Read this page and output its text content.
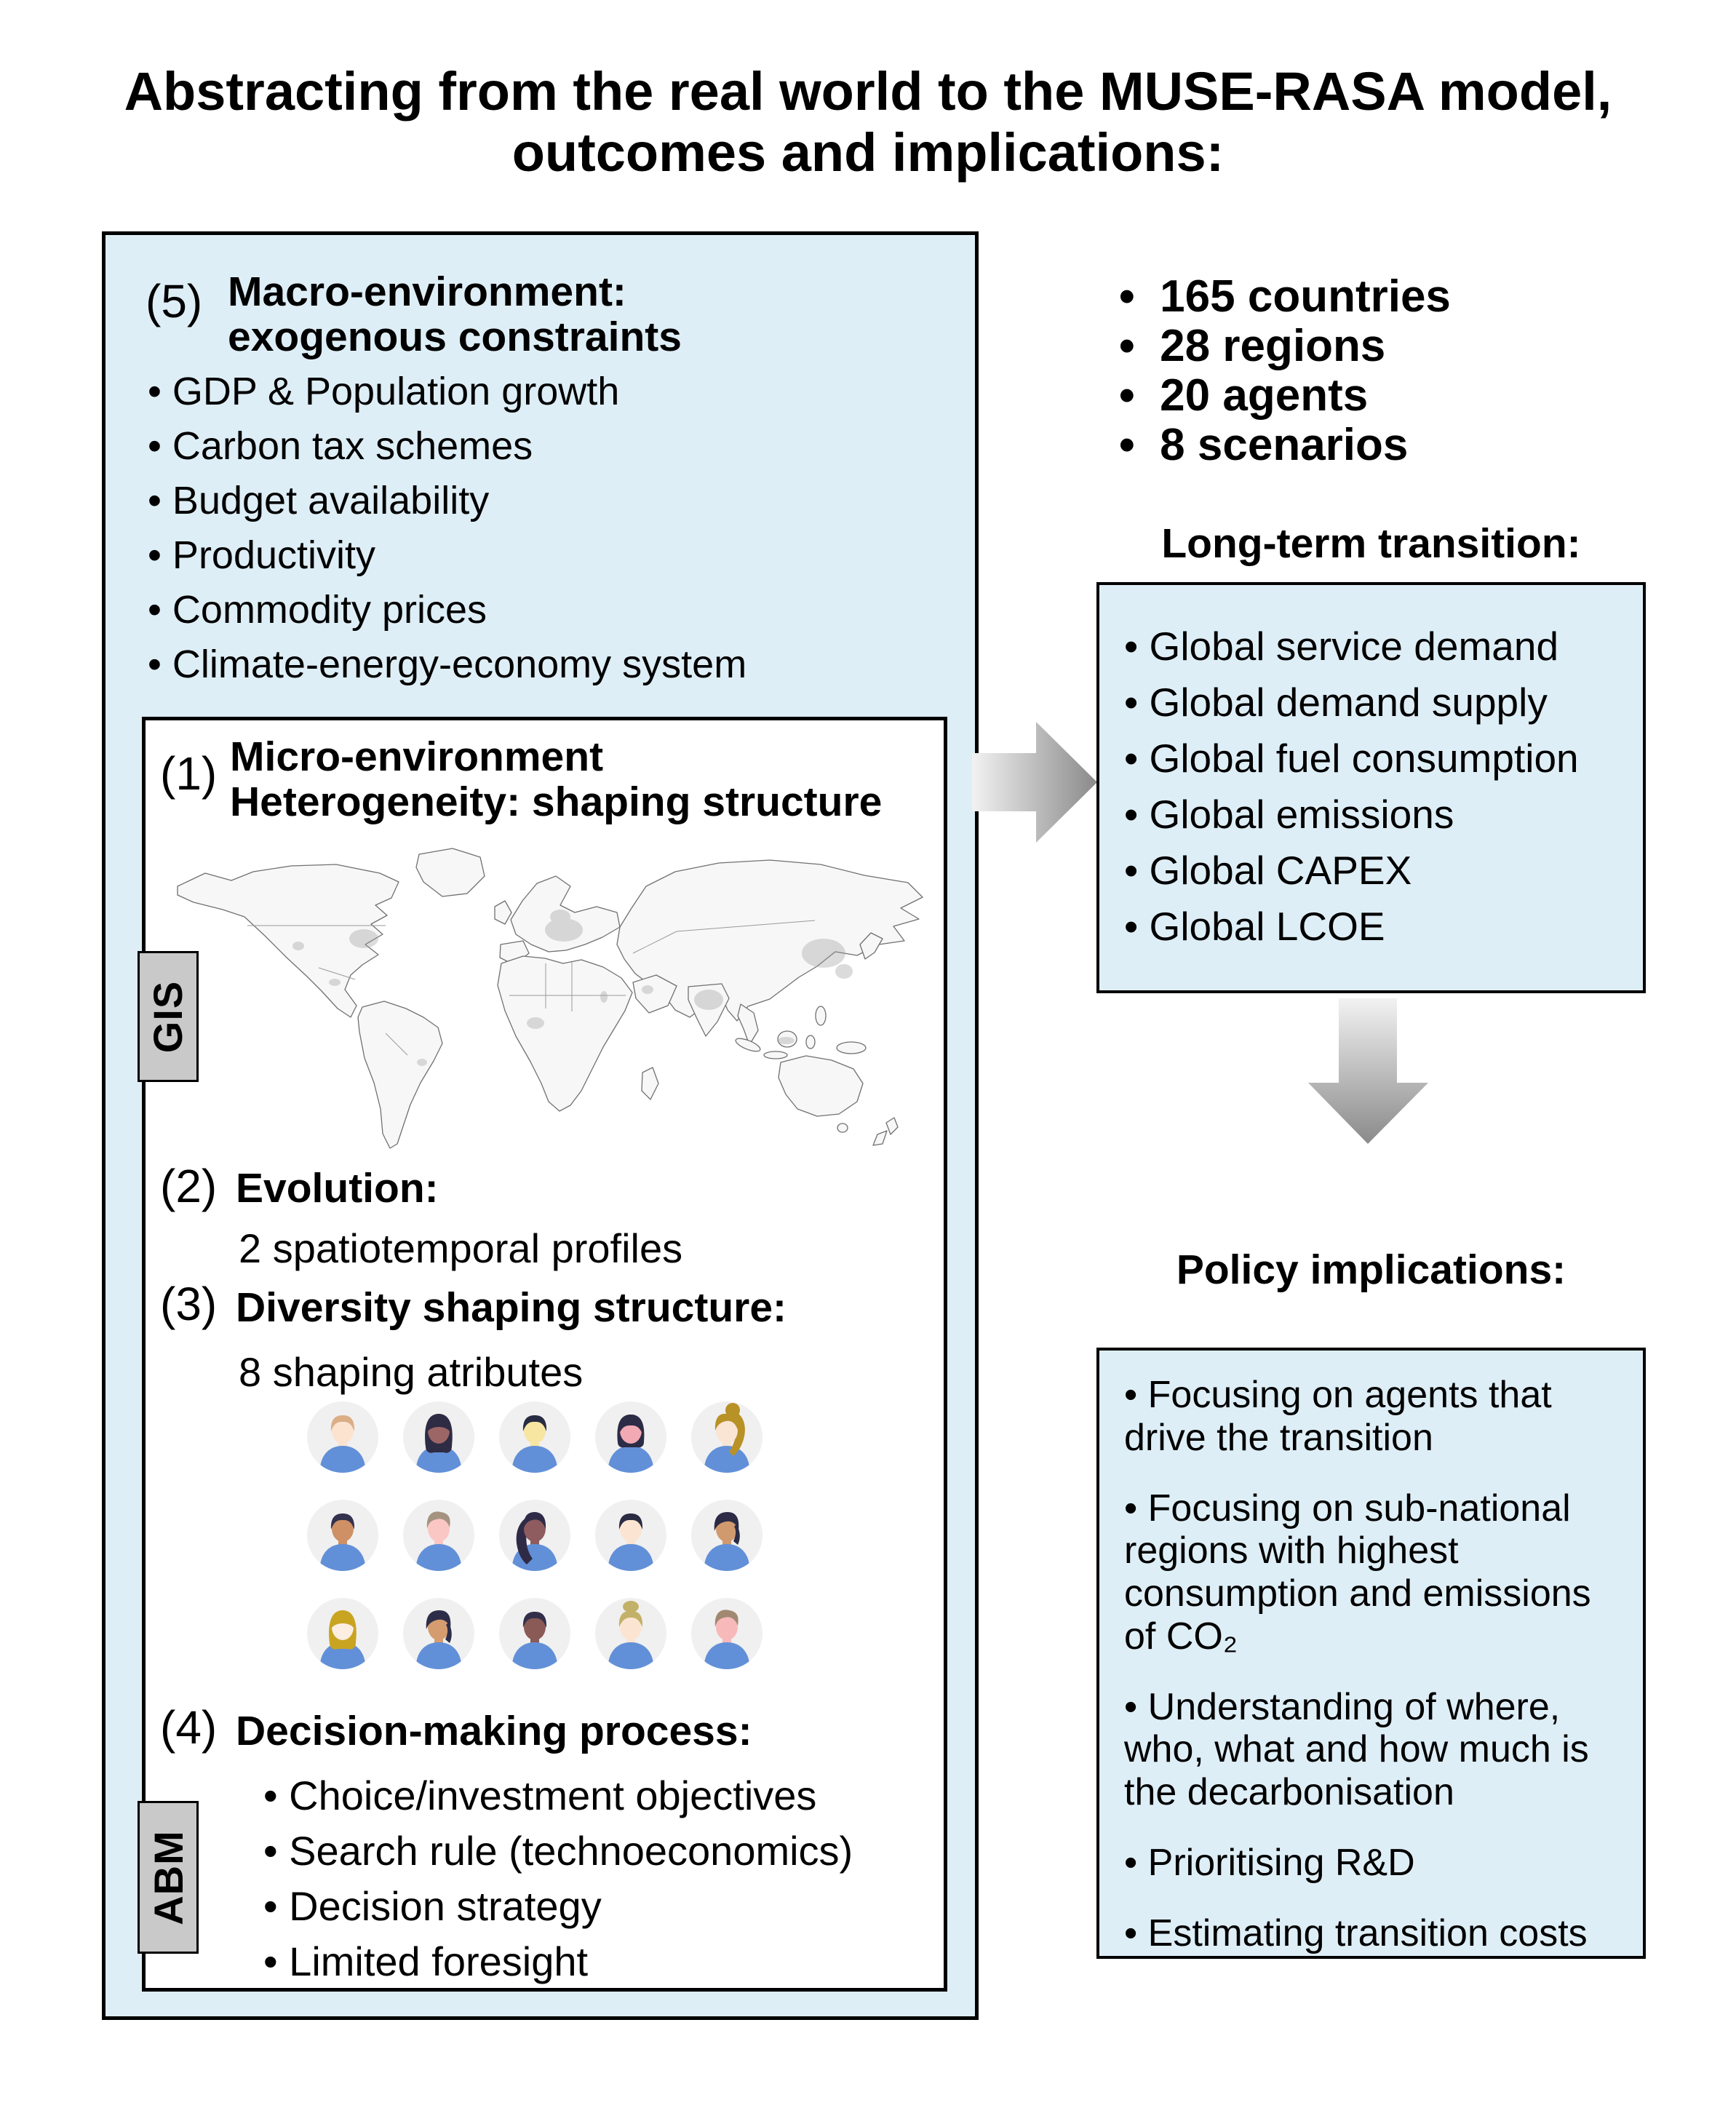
Abstracting from the real world to the MUSE-RASA model,
outcomes and implications:
(5) Macro-environment:
exogenous constraints
• GDP & Population growth
• Carbon tax schemes
• Budget availability
• Productivity
• Commodity prices
• Climate-energy-economy system
(1) Micro-environment
Heterogeneity: shaping structure
(2) Evolution:
2 spatiotemporal profiles
(3) Diversity shaping structure:
8 shaping atributes
(4) Decision-making process:
• Choice/investment objectives
• Search rule (technoeconomics)
• Decision strategy
• Limited foresight
GIS
ABM
•  165 countries
•  28 regions
•  20 agents
•  8 scenarios
Long-term transition:
• Global service demand
• Global demand supply
• Global fuel consumption
• Global emissions
• Global CAPEX
• Global LCOE
Policy implications:
• Focusing on agents that drive the transition
• Focusing on sub-national regions with highest consumption and emissions of CO₂
• Understanding of where, who, what and how much is the decarbonisation
• Prioritising R&D
• Estimating transition costs
